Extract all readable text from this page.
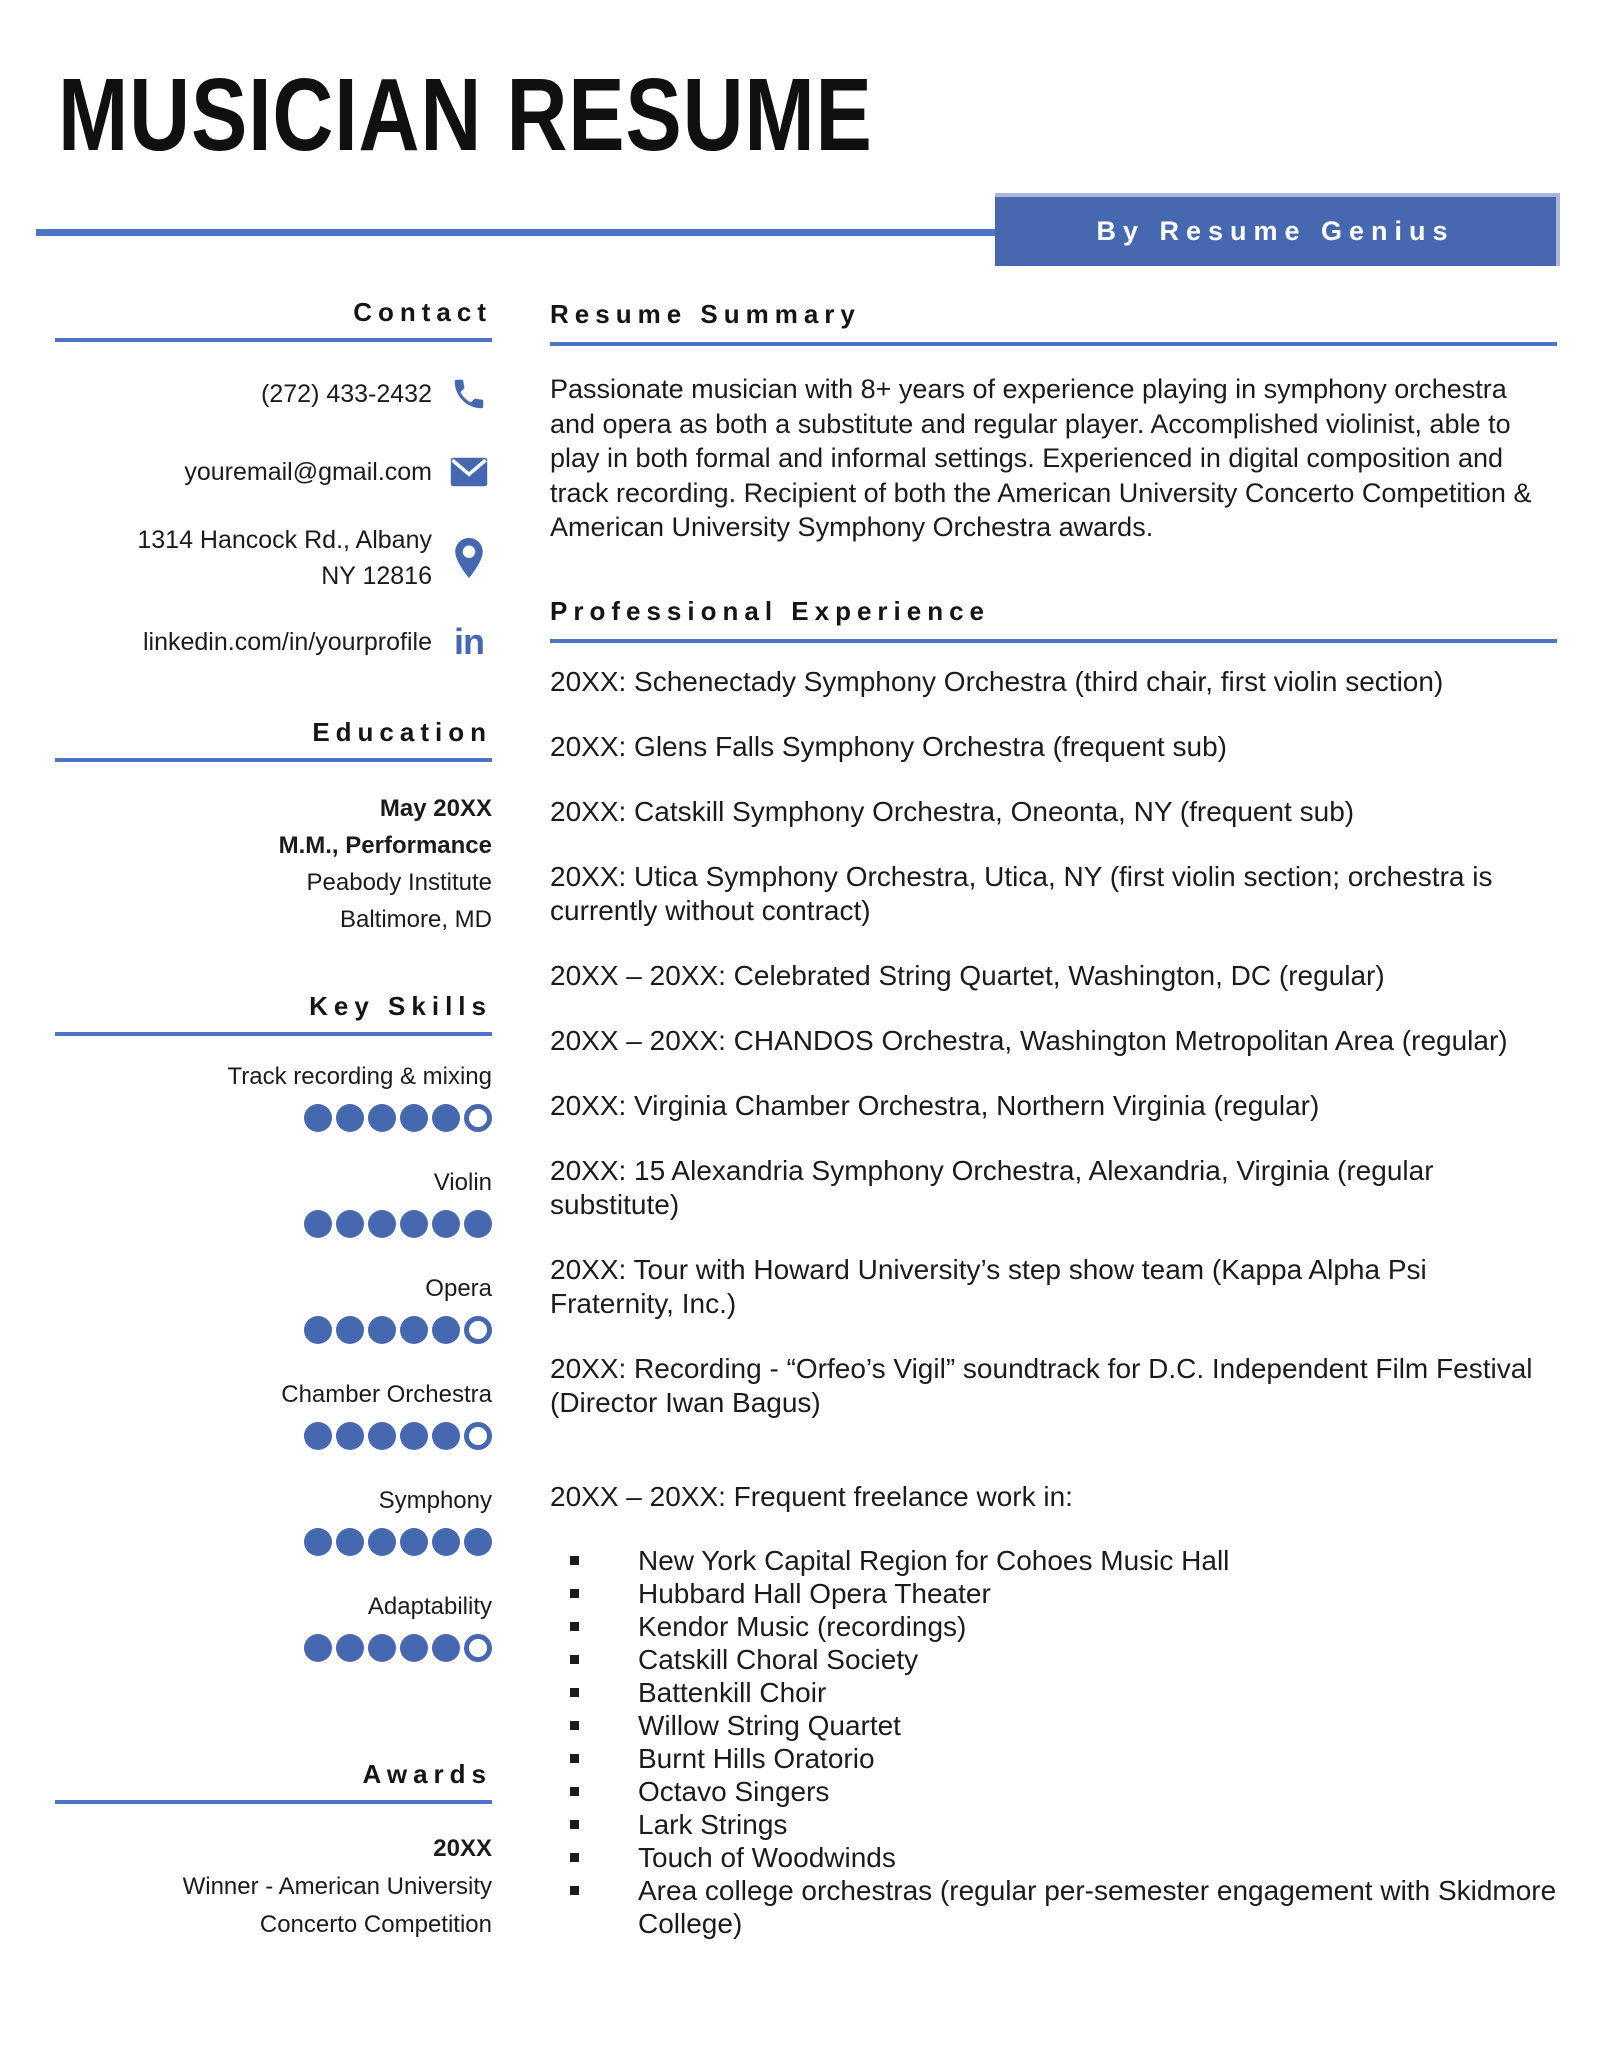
MUSICIAN RESUME
By Resume Genius
Contact
(272) 433-2432
youremail@gmail.com
1314 Hancock Rd., Albany
NY 12816
linkedin.com/in/yourprofile in
Education
May 20XX
M.M., Performance
Peabody Institute
Baltimore, MD
Key Skills
Track recording & mixing
Violin
Opera
Chamber Orchestra
Symphony
Adaptability
Awards
20XX
Winner - American University
Concerto Competition
Resume Summary

Passionate musician with 8+ years of experience playing in symphony orchestra and opera as both a substitute and regular player. Accomplished violinist, able to play in both formal and informal settings. Experienced in digital composition and track recording. Recipient of both the American University Concerto Competition & American University Symphony Orchestra awards.

Professional Experience

20XX: Schenectady Symphony Orchestra (third chair, first violin section)

20XX: Glens Falls Symphony Orchestra (frequent sub)

20XX: Catskill Symphony Orchestra, Oneonta, NY (frequent sub)

20XX: Utica Symphony Orchestra, Utica, NY (first violin section; orchestra is currently without contract)

20XX – 20XX: Celebrated String Quartet, Washington, DC (regular)

20XX – 20XX: CHANDOS Orchestra, Washington Metropolitan Area (regular)

20XX: Virginia Chamber Orchestra, Northern Virginia (regular)

20XX: 15 Alexandria Symphony Orchestra, Alexandria, Virginia (regular substitute)

20XX: Tour with Howard University’s step show team (Kappa Alpha Psi Fraternity, Inc.)

20XX: Recording - “Orfeo’s Vigil” soundtrack for D.C. Independent Film Festival (Director Iwan Bagus)

20XX – 20XX: Frequent freelance work in:

New York Capital Region for Cohoes Music Hall
Hubbard Hall Opera Theater
Kendor Music (recordings)
Catskill Choral Society
Battenkill Choir
Willow String Quartet
Burnt Hills Oratorio
Octavo Singers
Lark Strings
Touch of Woodwinds
Area college orchestras (regular per-semester engagement with Skidmore College)
